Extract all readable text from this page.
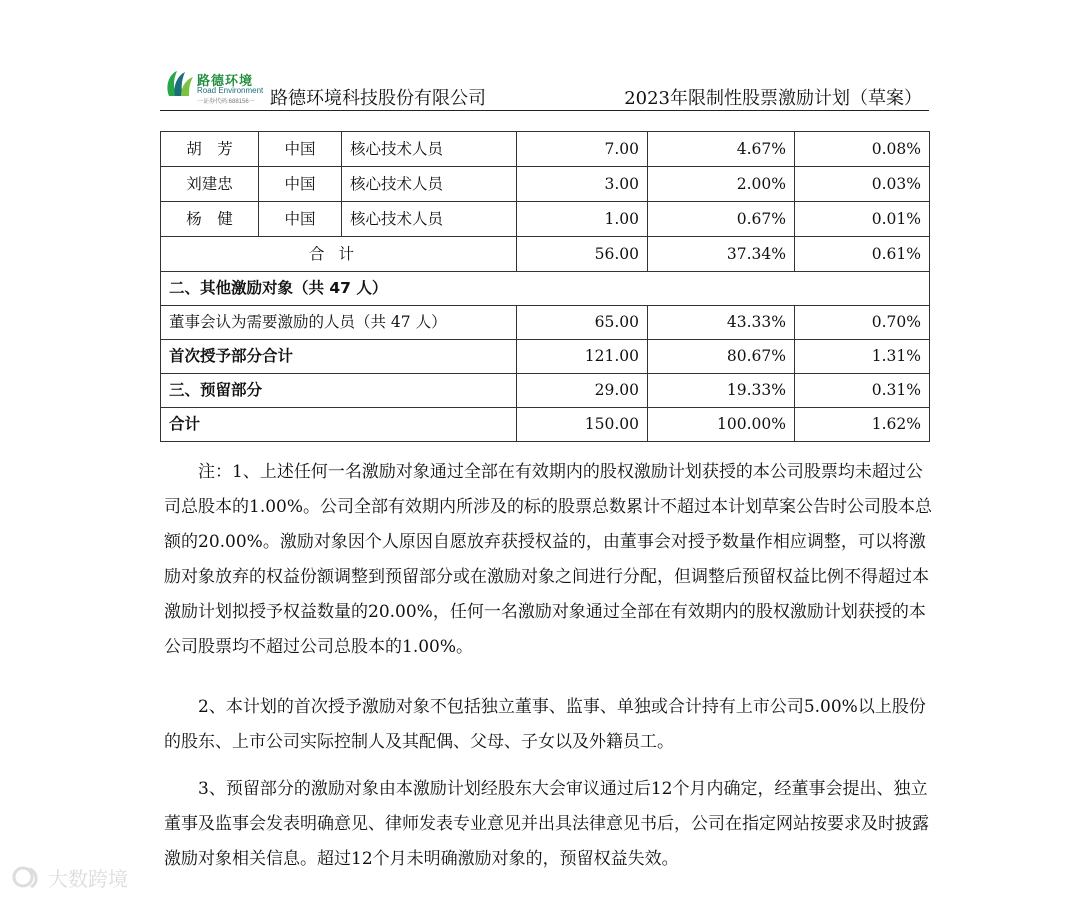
路德环境
Road Environment
一证券代码:688156一 路德环境科技股份有限公司	2023年限制性股票激励计划（草案）
胡　芳	中国	核心技术人员	7.00	4.67%	0.08%
刘建忠	中国	核心技术人员	3.00	2.00%	0.03%
杨　健	中国	核心技术人员	1.00	0.67%	0.01%
合计			56.00	37.34%	0.61%
二、其他激励对象（共 47 人）					
董事会认为需要激励的人员（共 47 人）			65.00	43.33%	0.70%
首次授予部分合计			121.00	80.67%	1.31%
三、预留部分			29.00	19.33%	0.31%
合计			150.00	100.00%	1.62%

注：1、上述任何一名激励对象通过全部在有效期内的股权激励计划获授的本公司股票均未超过公司总股本的1.00%。公司全部有效期内所涉及的标的股票总数累计不超过本计划草案公告时公司股本总额的20.00%。激励对象因个人原因自愿放弃获授权益的，由董事会对授予数量作相应调整，可以将激励对象放弃的权益份额调整到预留部分或在激励对象之间进行分配，但调整后预留权益比例不得超过本激励计划拟授予权益数量的20.00%，任何一名激励对象通过全部在有效期内的股权激励计划获授的本公司股票均不超过公司总股本的1.00%。

2、本计划的首次授予激励对象不包括独立董事、监事、单独或合计持有上市公司5.00%以上股份的股东、上市公司实际控制人及其配偶、父母、子女以及外籍员工。

3、预留部分的激励对象由本激励计划经股东大会审议通过后12个月内确定，经董事会提出、独立董事及监事会发表明确意见、律师发表专业意见并出具法律意见书后，公司在指定网站按要求及时披露激励对象相关信息。超过12个月未明确激励对象的，预留权益失效。

大数跨境
